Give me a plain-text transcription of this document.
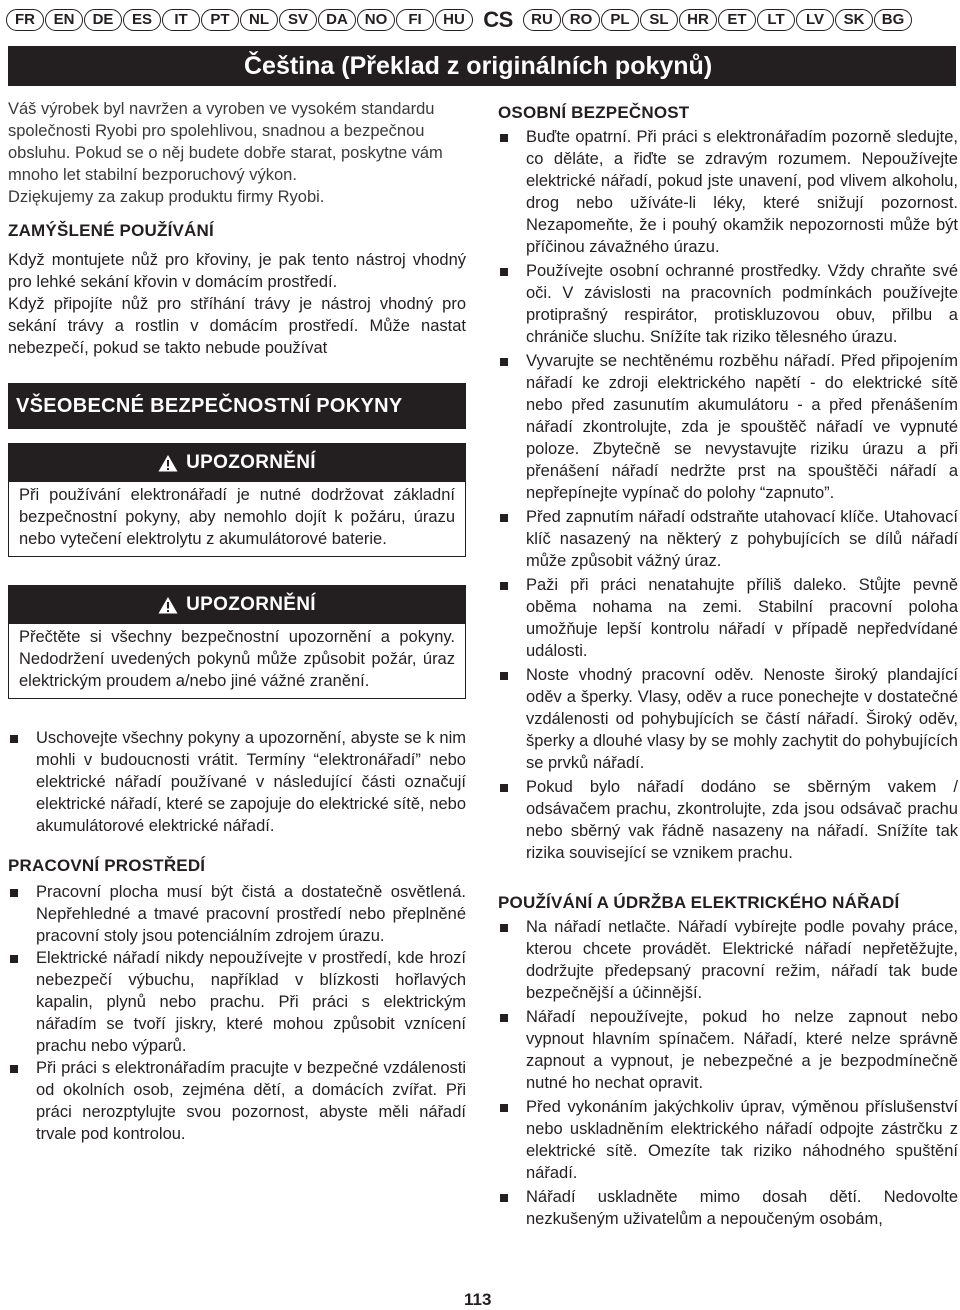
FR	EN	DE	ES	IT	PT	NL	SV	DA	NO	FI	HU CS	RU	RO	PL	SL	HR	ET	LT	LV	SK	BG
Čeština (Překlad z originálních pokynů)

Váš výrobek byl navržen a vyroben ve vysokém standardu společnosti Ryobi pro spolehlivou, snadnou a bezpečnou obsluhu. Pokud se o něj budete dobře starat, poskytne vám mnoho let stabilní bezporuchový výkon.

Dziękujemy za zakup produktu firmy Ryobi.

ZAMÝŠLENÉ POUŽÍVÁNÍ

Když montujete nůž pro křoviny, je pak tento nástroj vhodný pro lehké sekání křovin v domácím prostředí.

Když připojíte nůž pro stříhání trávy je nástroj vhodný pro sekání trávy a rostlin v domácím prostředí. Může nastat nebezpečí, pokud se takto nebude používat

VŠEOBECNÉ BEZPEČNOSTNÍ POKYNY
UPOZORNĚNÍ

Při používání elektronářadí je nutné dodržovat základní bezpečnostní pokyny, aby nemohlo dojít k požáru, úrazu nebo vytečení elektrolytu z akumulátorové baterie.

UPOZORNĚNÍ

Přečtěte si všechny bezpečnostní upozornění a pokyny. Nedodržení uvedených pokynů může způsobit požár, úraz elektrickým proudem a/nebo jiné vážné zranění.

Uschovejte všechny pokyny a upozornění, abyste se k nim mohli v budoucnosti vrátit. Termíny “elektronářadí” nebo elektrické nářadí používané v následující části označují elektrické nářadí, které se zapojuje do elektrické sítě, nebo akumulátorové elektrické nářadí.
PRACOVNÍ PROSTŘEDÍ
Pracovní plocha musí být čistá a dostatečně osvětlená. Nepřehledné a tmavé pracovní prostředí nebo přeplněné pracovní stoly jsou potenciálním zdrojem úrazu.
Elektrické nářadí nikdy nepoužívejte v prostředí, kde hrozí nebezpečí výbuchu, například v blízkosti hořlavých kapalin, plynů nebo prachu. Při práci s elektrickým nářadím se tvoří jiskry, které mohou způsobit vznícení prachu nebo výparů.
Při práci s elektronářadím pracujte v bezpečné vzdálenosti od okolních osob, zejména dětí, a domácích zvířat. Při práci nerozptylujte svou pozornost, abyste měli nářadí trvale pod kontrolou.
OSOBNÍ BEZPEČNOST
Buďte opatrní. Při práci s elektronářadím pozorně sledujte, co děláte, a řiďte se zdravým rozumem. Nepoužívejte elektrické nářadí, pokud jste unavení, pod vlivem alkoholu, drog nebo užíváte-li léky, které snižují pozornost. Nezapomeňte, že i pouhý okamžik nepozornosti může být příčinou závažného úrazu.
Používejte osobní ochranné prostředky. Vždy chraňte své oči. V závislosti na pracovních podmínkách používejte protiprašný respirátor, protiskluzovou obuv, přilbu a chrániče sluchu. Snížíte tak riziko tělesného úrazu.
Vyvarujte se nechtěnému rozběhu nářadí. Před připojením nářadí ke zdroji elektrického napětí - do elektrické sítě nebo před zasunutím akumulátoru - a před přenášením nářadí zkontrolujte, zda je spouštěč nářadí ve vypnuté poloze. Zbytečně se nevystavujte riziku úrazu a při přenášení nářadí nedržte prst na spouštěči nářadí a nepřepínejte vypínač do polohy “zapnuto”.
Před zapnutím nářadí odstraňte utahovací klíče. Utahovací klíč nasazený na některý z pohybujících se dílů nářadí může způsobit vážný úraz.
Paži při práci nenatahujte příliš daleko. Stůjte pevně oběma nohama na zemi. Stabilní pracovní poloha umožňuje lepší kontrolu nářadí v případě nepředvídané události.
Noste vhodný pracovní oděv. Nenoste široký plandající oděv a šperky. Vlasy, oděv a ruce ponechejte v dostatečné vzdálenosti od pohybujících se částí nářadí. Široký oděv, šperky a dlouhé vlasy by se mohly zachytit do pohybujících se prvků nářadí.
Pokud bylo nářadí dodáno se sběrným vakem / odsávačem prachu, zkontrolujte, zda jsou odsávač prachu nebo sběrný vak řádně nasazeny na nářadí. Snížíte tak rizika související se vznikem prachu.
POUŽÍVÁNÍ A ÚDRŽBA ELEKTRICKÉHO NÁŘADÍ
Na nářadí netlačte. Nářadí vybírejte podle povahy práce, kterou chcete provádět. Elektrické nářadí nepřetěžujte, dodržujte předepsaný pracovní režim, nářadí tak bude bezpečnější a účinnější.
Nářadí nepoužívejte, pokud ho nelze zapnout nebo vypnout hlavním spínačem. Nářadí, které nelze správně zapnout a vypnout, je nebezpečné a je bezpodmínečně nutné ho nechat opravit.
Před vykonáním jakýchkoliv úprav, výměnou příslušenství nebo uskladněním elektrického nářadí odpojte zástrčku z elektrické sítě. Omezíte tak riziko náhodného spuštění nářadí.
Nářadí uskladněte mimo dosah dětí. Nedovolte nezkušeným uživatelům a nepoučeným osobám,
113
